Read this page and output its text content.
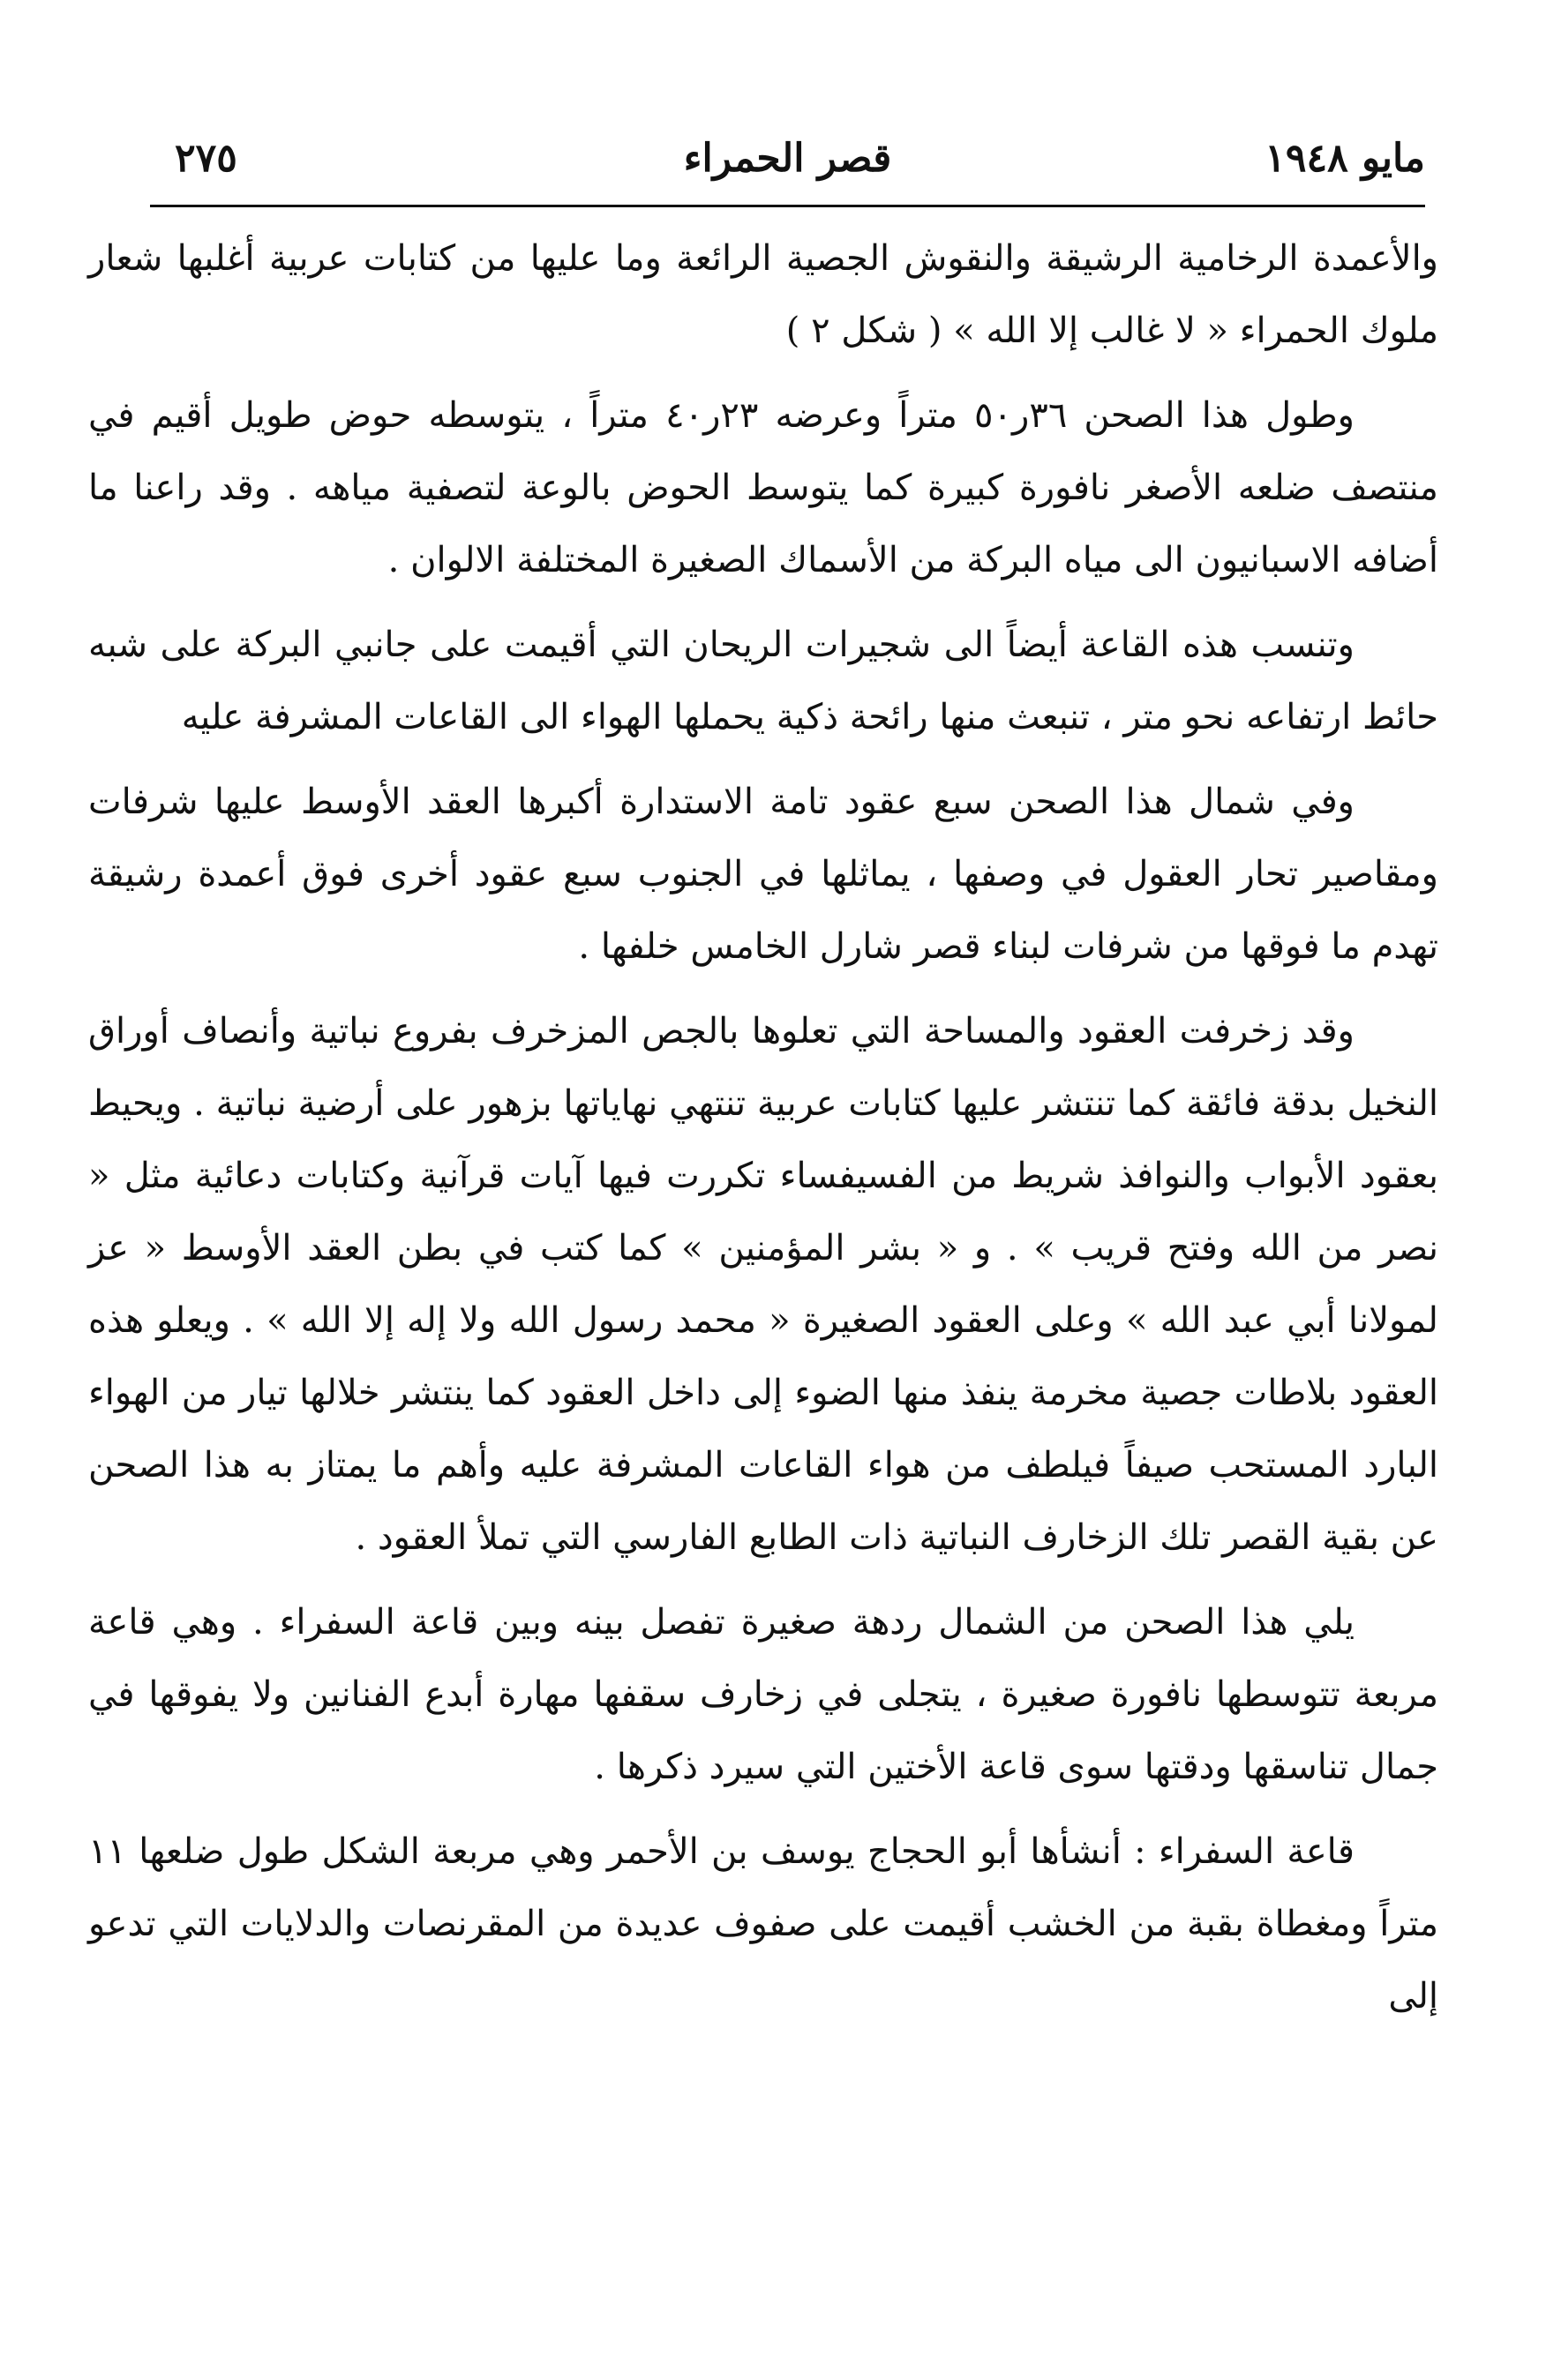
مايو ١٩٤٨
قصر الحمراء
٢٧٥

والأعمدة الرخامية الرشيقة والنقوش الجصية الرائعة وما عليها من كتابات عربية أغلبها شعار ملوك الحمراء « لا غالب إلا الله » ( شكل ٢ )

وطول هذا الصحن ٣٦ر٥٠ متراً وعرضه ٢٣ر٤٠ متراً ، يتوسطه حوض طويل أقيم في منتصف ضلعه الأصغر نافورة كبيرة كما يتوسط الحوض بالوعة لتصفية مياهه . وقد راعنا ما أضافه الاسبانيون الى مياه البركة من الأسماك الصغيرة المختلفة الالوان .

وتنسب هذه القاعة أيضاً الى شجيرات الريحان التي أقيمت على جانبي البركة على شبه حائط ارتفاعه نحو متر ، تنبعث منها رائحة ذكية يحملها الهواء الى القاعات المشرفة عليه

وفي شمال هذا الصحن سبع عقود تامة الاستدارة أكبرها العقد الأوسط عليها شرفات ومقاصير تحار العقول في وصفها ، يماثلها في الجنوب سبع عقود أخرى فوق أعمدة رشيقة تهدم ما فوقها من شرفات لبناء قصر شارل الخامس خلفها .

وقد زخرفت العقود والمساحة التي تعلوها بالجص المزخرف بفروع نباتية وأنصاف أوراق النخيل بدقة فائقة كما تنتشر عليها كتابات عربية تنتهي نهاياتها بزهور على أرضية نباتية . ويحيط بعقود الأبواب والنوافذ شريط من الفسيفساء تكررت فيها آيات قرآنية وكتابات دعائية مثل « نصر من الله وفتح قريب » . و « بشر المؤمنين » كما كتب في بطن العقد الأوسط « عز لمولانا أبي عبد الله » وعلى العقود الصغيرة « محمد رسول الله ولا إله إلا الله » . ويعلو هذه العقود بلاطات جصية مخرمة ينفذ منها الضوء إلى داخل العقود كما ينتشر خلالها تيار من الهواء البارد المستحب صيفاً فيلطف من هواء القاعات المشرفة عليه وأهم ما يمتاز به هذا الصحن عن بقية القصر تلك الزخارف النباتية ذات الطابع الفارسي التي تملأ العقود .

يلي هذا الصحن من الشمال ردهة صغيرة تفصل بينه وبين قاعة السفراء . وهي قاعة مربعة تتوسطها نافورة صغيرة ، يتجلى في زخارف سقفها مهارة أبدع الفنانين ولا يفوقها في جمال تناسقها ودقتها سوى قاعة الأختين التي سيرد ذكرها .

قاعة السفراء : أنشأها أبو الحجاج يوسف بن الأحمر وهي مربعة الشكل طول ضلعها ١١ متراً ومغطاة بقبة من الخشب أقيمت على صفوف عديدة من المقرنصات والدلايات التي تدعو إلى
